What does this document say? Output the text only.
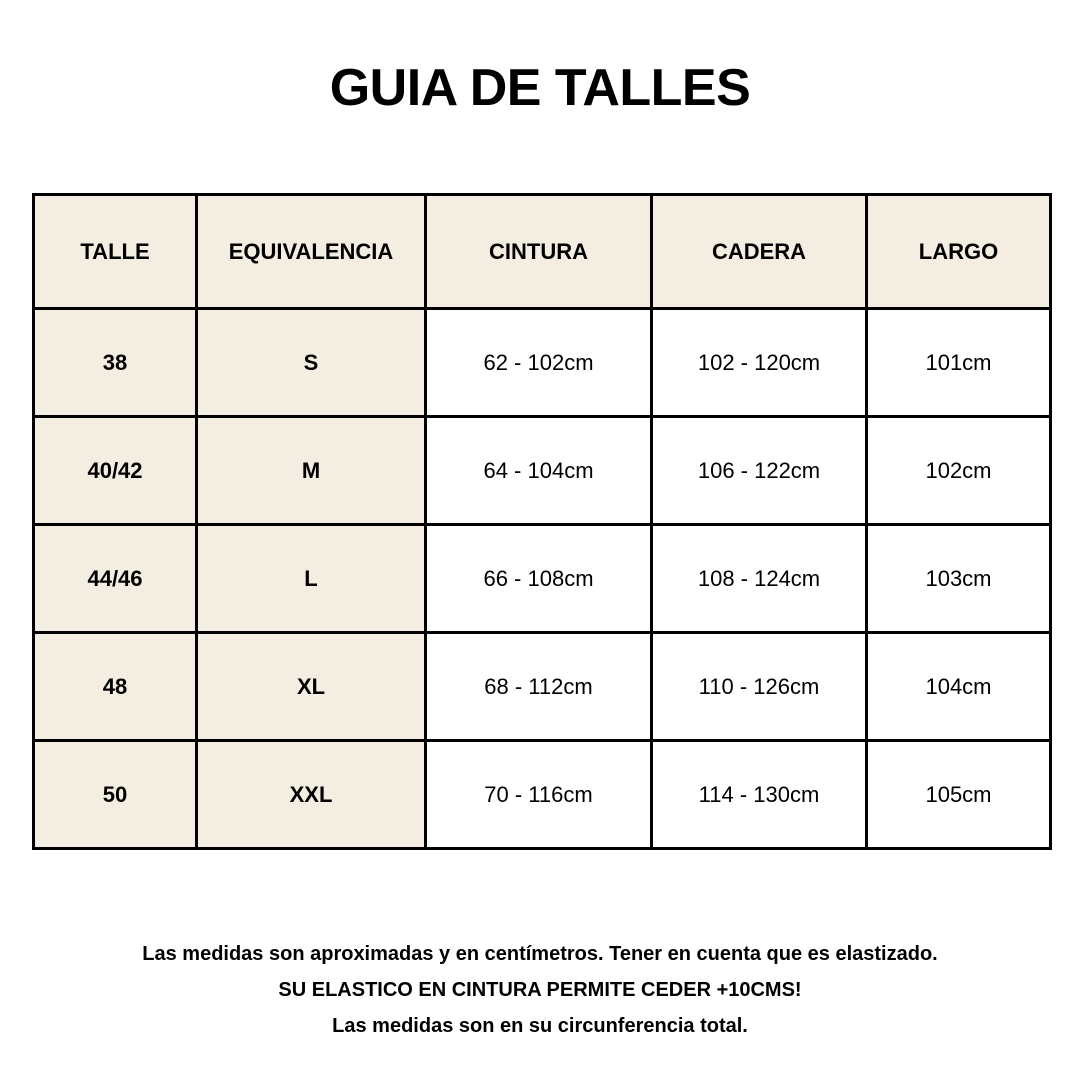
GUIA DE TALLES
TALLE	EQUIVALENCIA	CINTURA	CADERA	LARGO
38	S	62 - 102cm	102 - 120cm	101cm
40/42	M	64 - 104cm	106 - 122cm	102cm
44/46	L	66 - 108cm	108 - 124cm	103cm
48	XL	68 - 112cm	110 - 126cm	104cm
50	XXL	70 - 116cm	114 - 130cm	105cm
Las medidas son aproximadas y en centímetros. Tener en cuenta que es elastizado.
SU ELASTICO EN CINTURA PERMITE CEDER +10CMS!
Las medidas son en su circunferencia total.
